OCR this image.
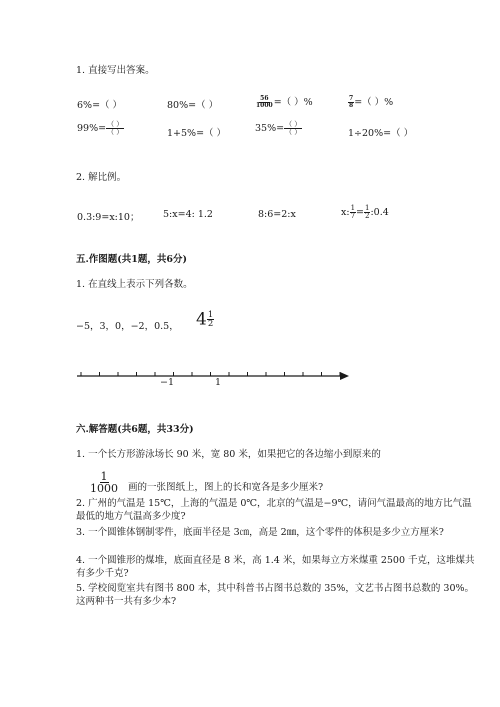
1. 直接写出答案。
6%=（ ）	80%=（ ）	$\frac{56}{1000}$ =（ ）%	$\frac{7}{8}$ =（ ）%
$99\%= \frac{( )}{( )}$	1+5%=（ ）	$35\%= \frac{( )}{( )}$	1÷20%=（ ）
2. 解比例。
0.3:9=x:10； 5:x=4: 1.2	8:6=2:x	x: $\frac{1}{7} = \frac{1}{2}$ :0.4
五.作图题(共1题，共6分)
1. 在直线上表示下列各数。
−5，3，0，−2，0.5， $4 \frac{1}{2}$
−1	1
六.解答题(共6题，共33分)
1. 一个长方形游泳场长 90 米，宽 80 米，如果把它的各边缩小到原来的
$\frac{1}{1000}$ 画的一张图纸上，图上的长和宽各是多少厘米?
2. 广州的气温是 15℃，上海的气温是 0℃，北京的气温是−9℃，请问气温最高的地方比气温最低的地方气温高多少度?
3. 一个圆锥体钢制零件，底面半径是 3㎝，高是 2㎜，这个零件的体积是多少立方厘米?
4. 一个圆锥形的煤堆，底面直径是 8 米，高 1.4 米，如果每立方米煤重 2500 千克，这堆煤共有多少千克?
5. 学校阅览室共有图书 800 本，其中科普书占图书总数的 35%，文艺书占图书总数的 30%。这两种书一共有多少本?
